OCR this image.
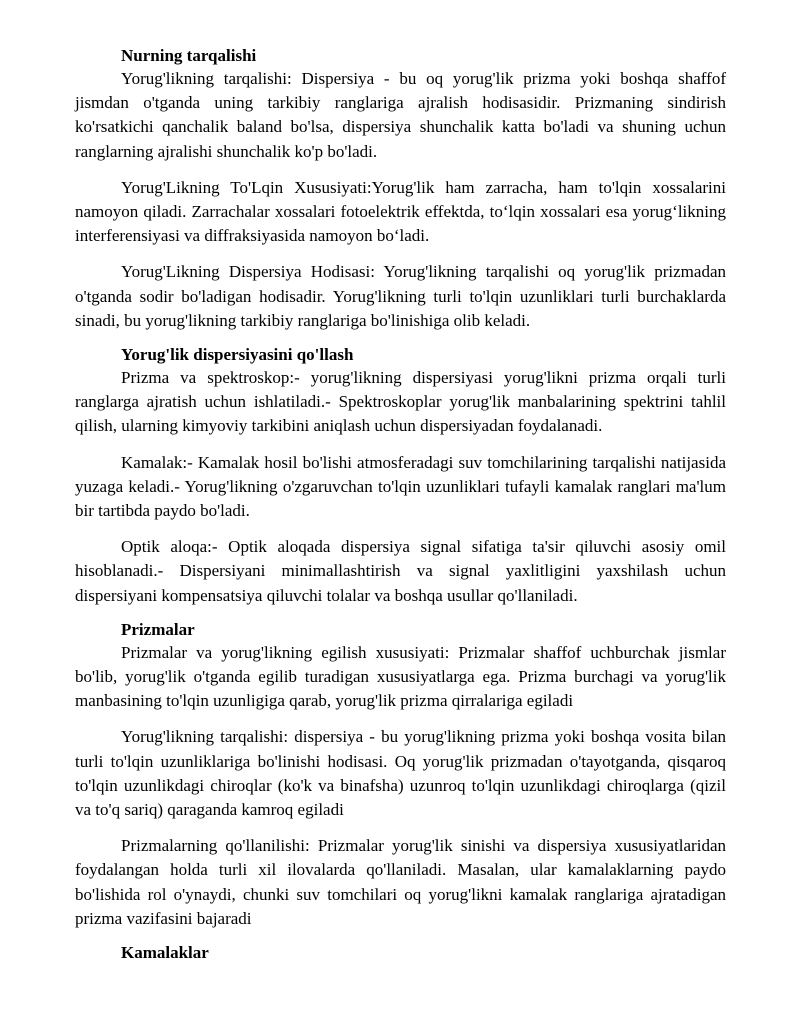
Nurning tarqalishi

Yorug'likning tarqalishi: Dispersiya - bu oq yorug'lik prizma yoki boshqa shaffof jismdan o'tganda uning tarkibiy ranglariga ajralish hodisasidir. Prizmaning sindirish ko'rsatkichi qanchalik baland bo'lsa, dispersiya shunchalik katta bo'ladi va shuning uchun ranglarning ajralishi shunchalik ko'p bo'ladi.

Yorug'Likning To'Lqin Xususiyati:Yorug'lik ham zarracha, ham to'lqin xossalarini namoyon qiladi. Zarrachalar xossalari fotoelektrik effektda, to‘lqin xossalari esa yorug‘likning interferensiyasi va diffraksiyasida namoyon bo‘ladi.

Yorug'Likning Dispersiya Hodisasi: Yorug'likning tarqalishi oq yorug'lik prizmadan o'tganda sodir bo'ladigan hodisadir. Yorug'likning turli to'lqin uzunliklari turli burchaklarda sinadi, bu yorug'likning tarkibiy ranglariga bo'linishiga olib keladi.

Yorug'lik dispersiyasini qo'llash

Prizma va spektroskop:- yorug'likning dispersiyasi yorug'likni prizma orqali turli ranglarga ajratish uchun ishlatiladi.- Spektroskoplar yorug'lik manbalarining spektrini tahlil qilish, ularning kimyoviy tarkibini aniqlash uchun dispersiyadan foydalanadi.

Kamalak:- Kamalak hosil bo'lishi atmosferadagi suv tomchilarining tarqalishi natijasida yuzaga keladi.- Yorug'likning o'zgaruvchan to'lqin uzunliklari tufayli kamalak ranglari ma'lum bir tartibda paydo bo'ladi.

Optik aloqa:- Optik aloqada dispersiya signal sifatiga ta'sir qiluvchi asosiy omil hisoblanadi.- Dispersiyani minimallashtirish va signal yaxlitligini yaxshilash uchun dispersiyani kompensatsiya qiluvchi tolalar va boshqa usullar qo'llaniladi.

Prizmalar

Prizmalar va yorug'likning egilish xususiyati: Prizmalar shaffof uchburchak jismlar bo'lib, yorug'lik o'tganda egilib turadigan xususiyatlarga ega. Prizma burchagi va yorug'lik manbasining to'lqin uzunligiga qarab, yorug'lik prizma qirralariga egiladi

Yorug'likning tarqalishi: dispersiya - bu yorug'likning prizma yoki boshqa vosita bilan turli to'lqin uzunliklariga bo'linishi hodisasi. Oq yorug'lik prizmadan o'tayotganda, qisqaroq to'lqin uzunlikdagi chiroqlar (ko'k va binafsha) uzunroq to'lqin uzunlikdagi chiroqlarga (qizil va to'q sariq) qaraganda kamroq egiladi

Prizmalarning qo'llanilishi: Prizmalar yorug'lik sinishi va dispersiya xususiyatlaridan foydalangan holda turli xil ilovalarda qo'llaniladi. Masalan, ular kamalaklarning paydo bo'lishida rol o'ynaydi, chunki suv tomchilari oq yorug'likni kamalak ranglariga ajratadigan prizma vazifasini bajaradi

Kamalaklar
